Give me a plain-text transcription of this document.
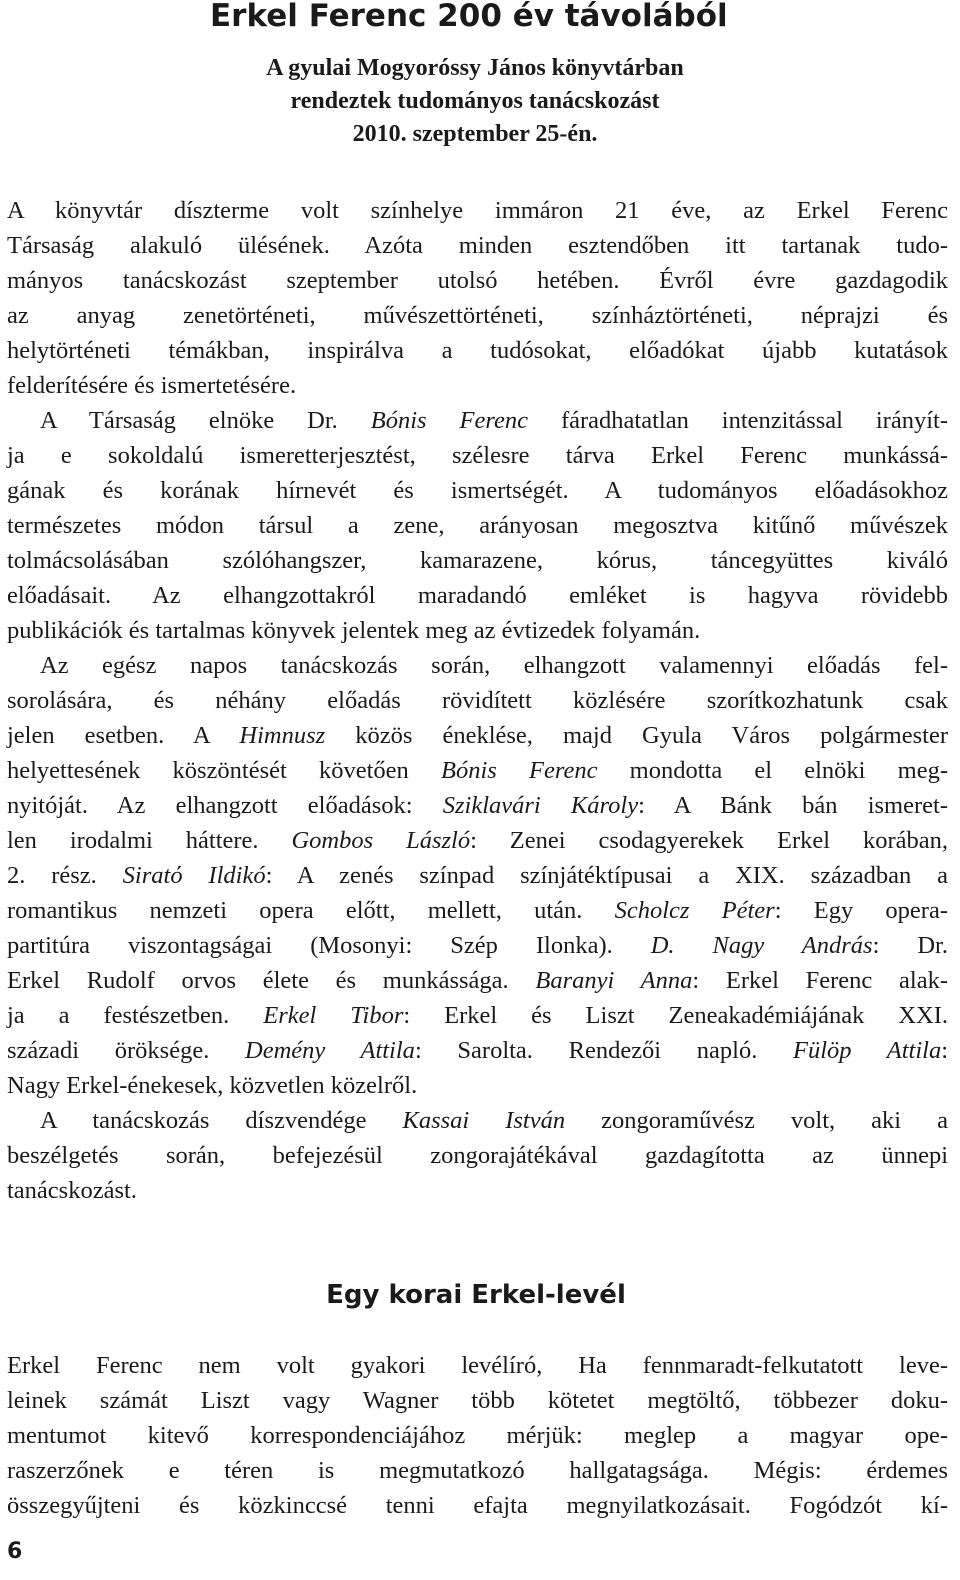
Erkel Ferenc 200 év távolából
A gyulai Mogyoróssy János könyvtárban
rendeztek tudományos tanácskozást
2010. szeptember 25-én.
A könyvtár díszterme volt színhelye immáron 21 éve, az Erkel Ferenc
Társaság alakuló ülésének. Azóta minden esztendőben itt tartanak tudo-
mányos tanácskozást szeptember utolsó hetében. Évről évre gazdagodik
az anyag zenetörténeti, művészettörténeti, színháztörténeti, néprajzi és
helytörténeti témákban, inspirálva a tudósokat, előadókat újabb kutatások
felderítésére és ismertetésére.
A Társaság elnöke Dr. Bónis Ferenc fáradhatatlan intenzitással irányít-
ja e sokoldalú ismeretterjesztést, szélesre tárva Erkel Ferenc munkássá-
gának és korának hírnevét és ismertségét. A tudományos előadásokhoz
természetes módon társul a zene, arányosan megosztva kitűnő művészek
tolmácsolásában szólóhangszer, kamarazene, kórus, táncegyüttes kiváló
előadásait. Az elhangzottakról maradandó emléket is hagyva rövidebb
publikációk és tartalmas könyvek jelentek meg az évtizedek folyamán.
Az egész napos tanácskozás során, elhangzott valamennyi előadás fel-
sorolására, és néhány előadás rövidített közlésére szorítkozhatunk csak
jelen esetben. A Himnusz közös éneklése, majd Gyula Város polgármester
helyettesének köszöntését követően Bónis Ferenc mondotta el elnöki meg-
nyitóját. Az elhangzott előadások: Sziklavári Károly: A Bánk bán ismeret-
len irodalmi háttere. Gombos László: Zenei csodagyerekek Erkel korában,
2. rész. Siratό Ildikó: A zenés színpad színjátéktípusai a XIX. században a
romantikus nemzeti opera előtt, mellett, után. Scholcz Péter: Egy opera-
partitúra viszontagságai (Mosonyi: Szép Ilonka). D. Nagy András: Dr.
Erkel Rudolf orvos élete és munkássága. Baranyi Anna: Erkel Ferenc alak-
ja a festészetben. Erkel Tibor: Erkel és Liszt Zeneakadémiájának XXI.
századi öröksége. Demény Attila: Sarolta. Rendezői napló. Fülöp Attila:
Nagy Erkel-énekesek, közvetlen közelről.
A tanácskozás díszvendége Kassai István zongoraművész volt, aki a
beszélgetés során, befejezésül zongorajátékával gazdagította az ünnepi
tanácskozást.
Egy korai Erkel-levél
Erkel Ferenc nem volt gyakori levélíró, Ha fennmaradt-felkutatott leve-
leinek számát Liszt vagy Wagner több kötetet megtöltő, többezer doku-
mentumot kitevő korrespondenciájához mérjük: meglep a magyar ope-
raszerzőnek e téren is megmutatkozó hallgatagsága. Mégis: érdemes
összegyűjteni és közkinccsé tenni efajta megnyilatkozásait. Fogódzót kí-
6
